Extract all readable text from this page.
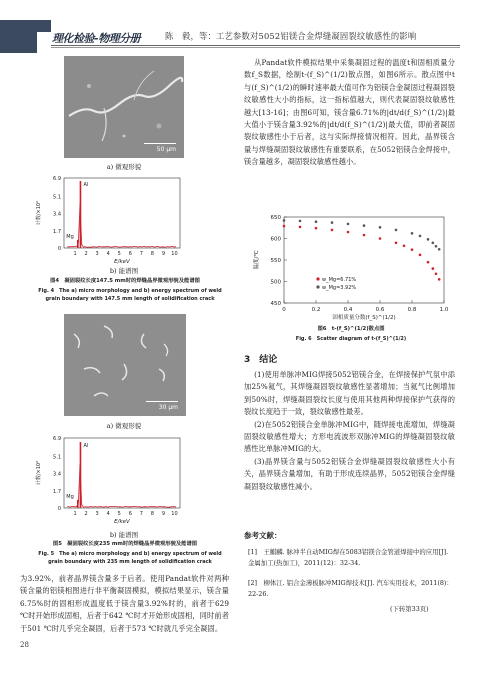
理化检验-物理分册	陈　毅，等：工艺参数对5052铝镁合金焊缝凝固裂纹敏感性的影响
50 μm
a) 微观形貌
6.9
5.1
3.4
1.7
0
1 2 3 4 5 6 7 8 9 10
E/keV
计数/×10²
Al
Mg
b) 能谱图
图4　凝固裂纹长度147.5 mm时的焊缝晶界微观形貌及能谱图
Fig. 4　The a) micro morphology and b) energy spectrum of weld
grain boundary with 147.5 mm length of solidification crack
30 μm
a) 微观形貌
6.9
5.1
3.4
1.7
0
1 2 3 4 5 6 7 8 9 10
E/keV
计数/×10²
Al
Mg
b) 能谱图
图5　凝固裂纹长度235 mm时的焊缝晶界微观形貌及能谱图
Fig. 5　The a) micro morphology and b) energy spectrum of weld
grain boundary with 235 mm length of solidification crack

为3.92%，前者晶界镁含量多于后者。使用Pandat软件对两种镁含量的铝镁相图进行非平衡凝固模拟，模拟结果显示，镁含量6.75%时的固相形成温度低于镁含量3.92%时的，前者于629 ℃时开始形成固相，后者于642 ℃时才开始形成固相，同时前者于501 ℃时几乎完全凝固，后者于573 ℃时就几乎完全凝固。

28

从Pandat软件模拟结果中采集凝固过程的温度t和固相质量分数f_S数据，绘制t-(f_S)^(1/2)散点图，如图6所示。散点图中t与(f_S)^(1/2)的瞬时速率最大值可作为铝镁合金凝固过程凝固裂纹敏感性大小的指标，这一指标值越大，则代表凝固裂纹敏感性越大[13-16]；由图6可知，镁含量6.71%的|dt/d(f_S)^(1/2)|最大值小于镁含量3.92%的|dt/d(f_S)^(1/2)|最大值，即前者凝固裂纹敏感性小于后者，这与实际焊接情况相符。因此，晶界镁含量与焊缝凝固裂纹敏感性有重要联系，在5052铝镁合金焊接中，镁含量越多，凝固裂纹敏感性越小。

650
600
550
500
450
0	0.2	0.4	0.6	0.8	1.0
固相质量分数(f_S)^(1/2)
温度/℃
w_Mg=6.71%
w_Mg=3.92%
图6　t-(f_S)^(1/2)散点图
Fig. 6　Scatter diagram of t-(f_S)^(1/2)
3　结论

(1)使用单脉冲MIG焊接5052铝镁合金，在焊接保护气氛中添加25%氦气，其焊缝凝固裂纹敏感性显著增加；当氦气比例增加到50%时，焊缝凝固裂纹长度与使用其他两种焊接保护气获得的裂纹长度趋于一致，裂纹敏感性最差。

(2)在5052铝镁合金单脉冲MIG中，随焊接电流增加，焊缝凝固裂纹敏感性增大；方形电流波形双脉冲MIG的焊缝凝固裂纹敏感性比单脉冲MIG的大。

(3)晶界镁含量与5052铝镁合金焊缝凝固裂纹敏感性大小有关，晶界镁含量增加，有助于形成连续晶界，5052铝镁合金焊缝凝固裂纹敏感性减小。

参考文献：
[1]　王麒麟. 脉冲半自动MIG焊在5083铝镁合金管道焊接中的应用[J]. 金属加工(热加工)，2011(12)：32-34.
[2]　柳体江. 铝合金薄板脉冲MIG焊技术[J]. 汽车实用技术，2011(8)：22-26.
(下转第33页)
